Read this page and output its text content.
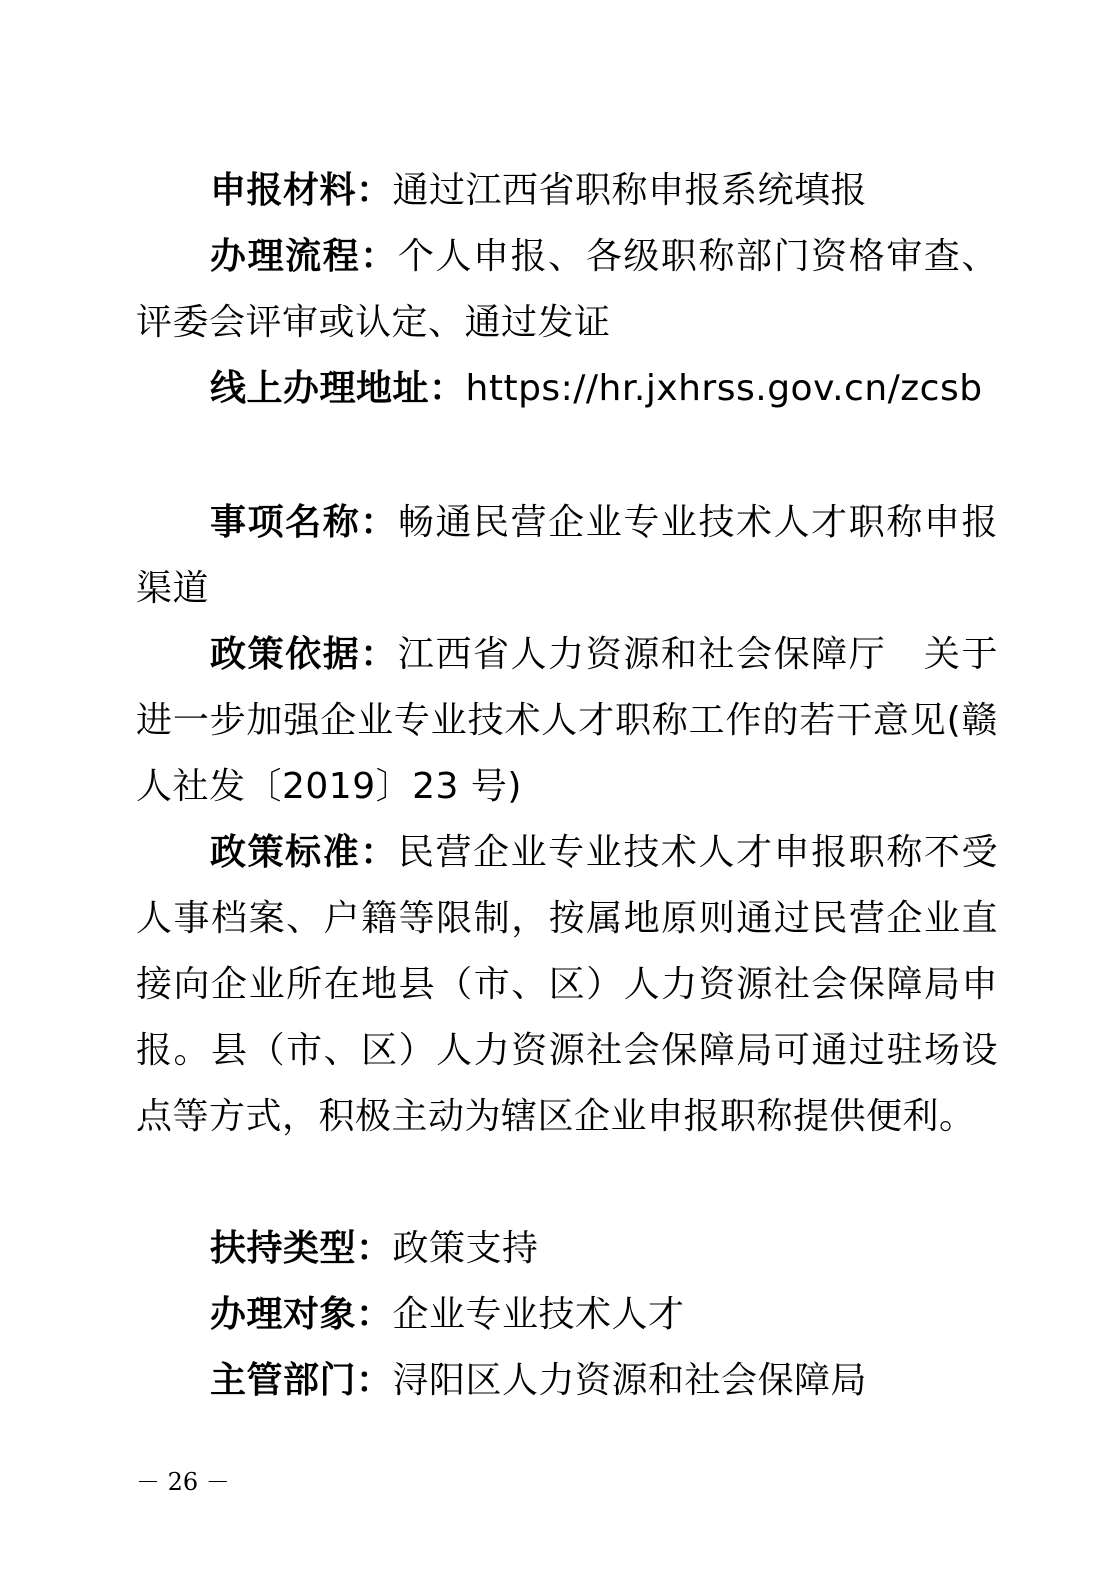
申报材料：通过江西省职称申报系统填报

办理流程：个人申报、各级职称部门资格审查、评委会评审或认定、通过发证

线上办理地址：https://hr.jxhrss.gov.cn/zcsb

事项名称：畅通民营企业专业技术人才职称申报渠道

政策依据：江西省人力资源和社会保障厅　关于进一步加强企业专业技术人才职称工作的若干意见(赣人社发〔2019〕23 号)

政策标准：民营企业专业技术人才申报职称不受人事档案、户籍等限制，按属地原则通过民营企业直接向企业所在地县（市、区）人力资源社会保障局申报。县（市、区）人力资源社会保障局可通过驻场设点等方式，积极主动为辖区企业申报职称提供便利。

扶持类型：政策支持

办理对象：企业专业技术人才

主管部门：浔阳区人力资源和社会保障局

－ 26 －
